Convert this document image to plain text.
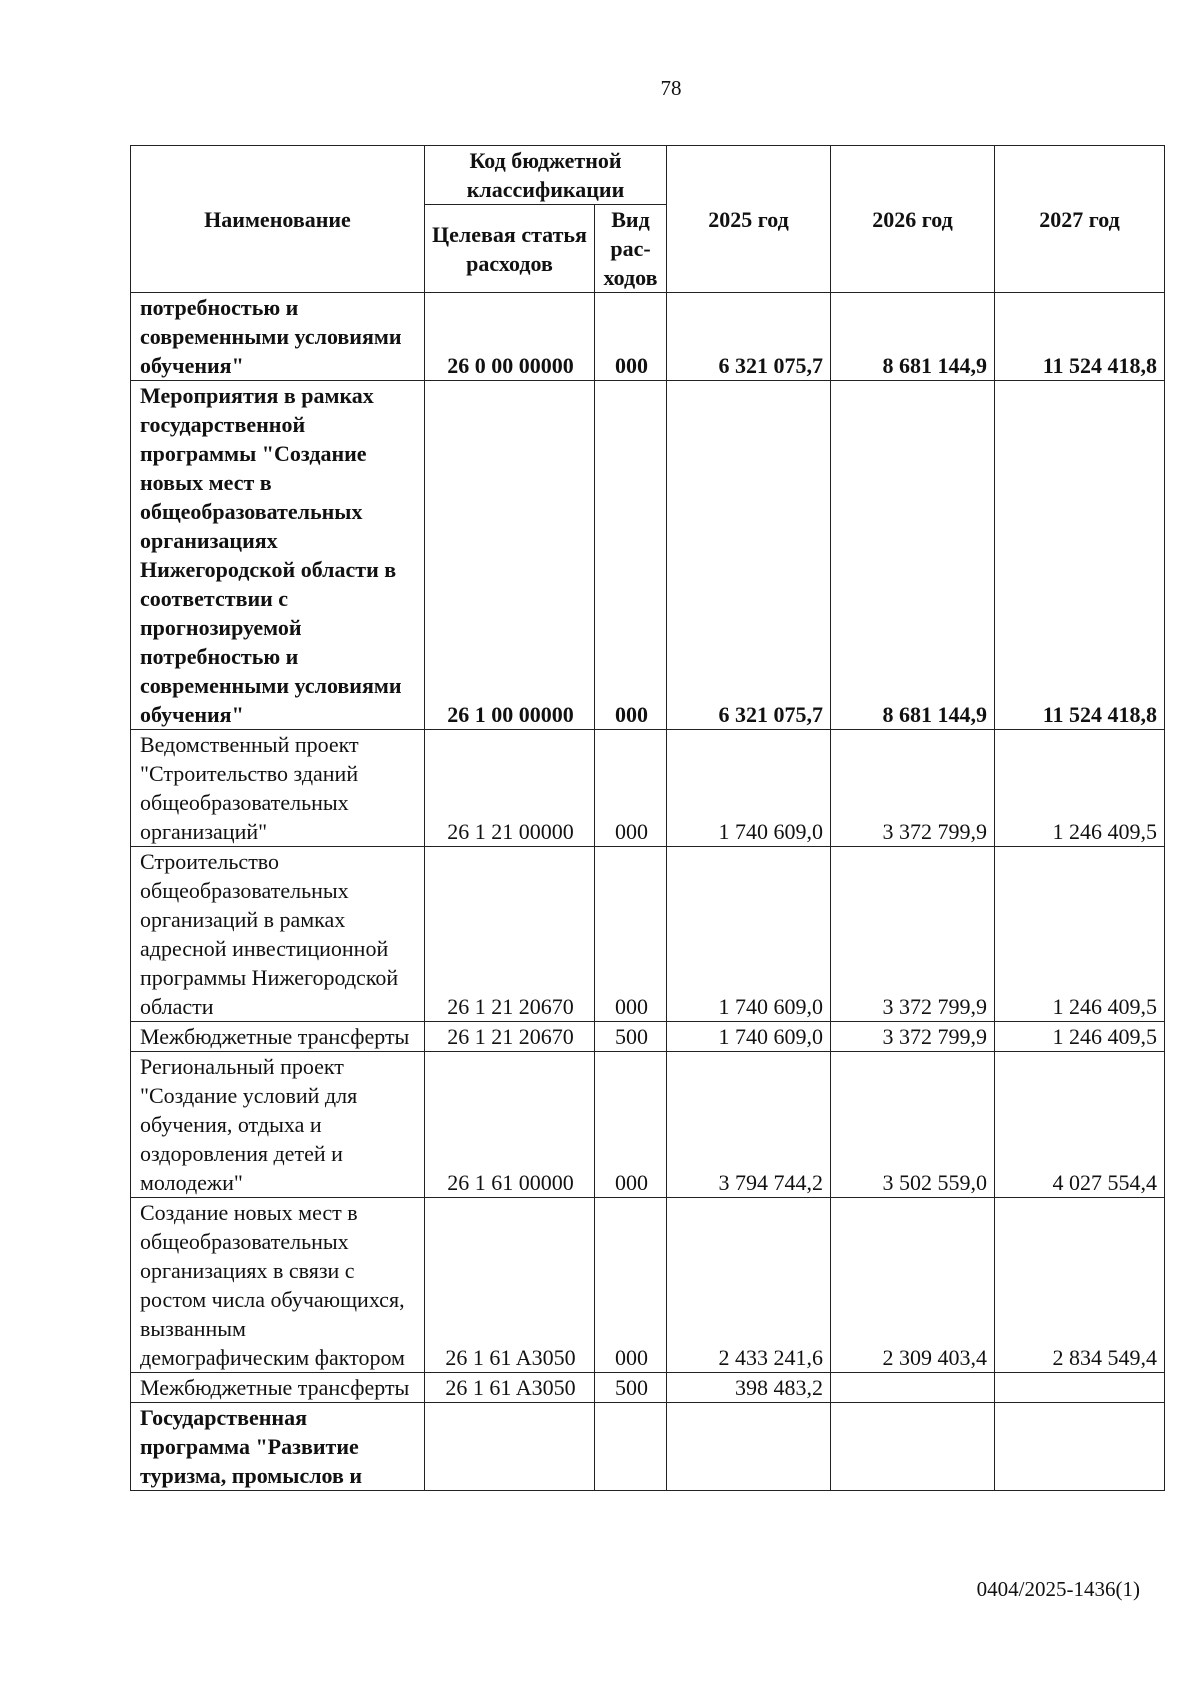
78
Наименование	Код бюджетной классификации		2025 год	2026 год	2027 год
	Целевая статья расходов	Вид рас-ходов			
потребностью и современными условиями обучения"	26 0 00 00000	000	6 321 075,7	8 681 144,9	11 524 418,8
Мероприятия в рамках государственной программы "Создание новых мест в общеобразовательных организациях Нижегородской области в соответствии с прогнозируемой потребностью и современными условиями обучения"	26 1 00 00000	000	6 321 075,7	8 681 144,9	11 524 418,8
Ведомственный проект "Строительство зданий общеобразовательных организаций"	26 1 21 00000	000	1 740 609,0	3 372 799,9	1 246 409,5
Строительство общеобразовательных организаций в рамках адресной инвестиционной программы Нижегородской области	26 1 21 20670	000	1 740 609,0	3 372 799,9	1 246 409,5
Межбюджетные трансферты	26 1 21 20670	500	1 740 609,0	3 372 799,9	1 246 409,5
Региональный проект "Создание условий для обучения, отдыха и оздоровления детей и молодежи"	26 1 61 00000	000	3 794 744,2	3 502 559,0	4 027 554,4
Создание новых мест в общеобразовательных организациях в связи с ростом числа обучающихся, вызванным демографическим фактором	26 1 61 A3050	000	2 433 241,6	2 309 403,4	2 834 549,4
Межбюджетные трансферты	26 1 61 A3050	500	398 483,2		
Государственная программа "Развитие туризма, промыслов и					
0404/2025-1436(1)
